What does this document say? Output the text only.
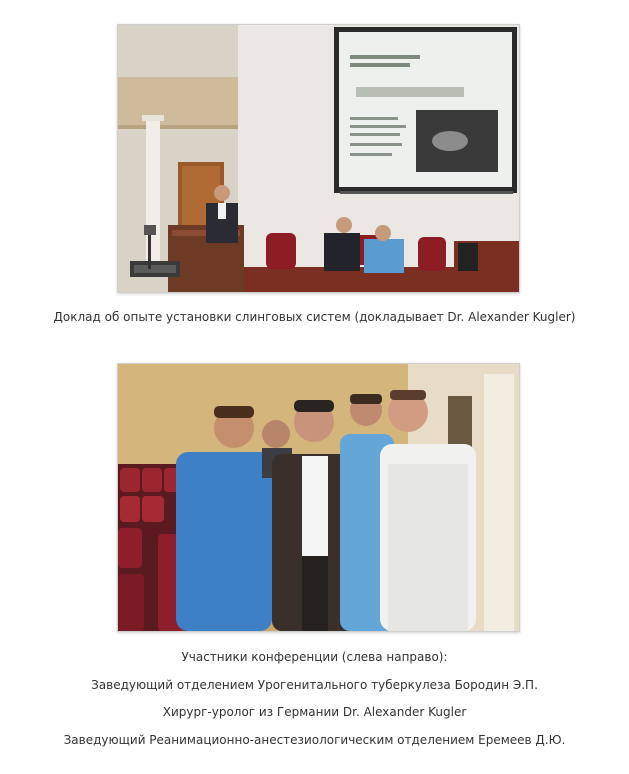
Доклад об опыте установки слинговых систем (докладывает Dr. Alexander Kugler)
Участники конференции (слева направо):
Заведующий отделением Урогенитального туберкулеза Бородин Э.П.
Хирург-уролог из Германии Dr. Alexander Kugler
Заведующий Реанимационно-анестезиологическим отделением Еремеев Д.Ю.
